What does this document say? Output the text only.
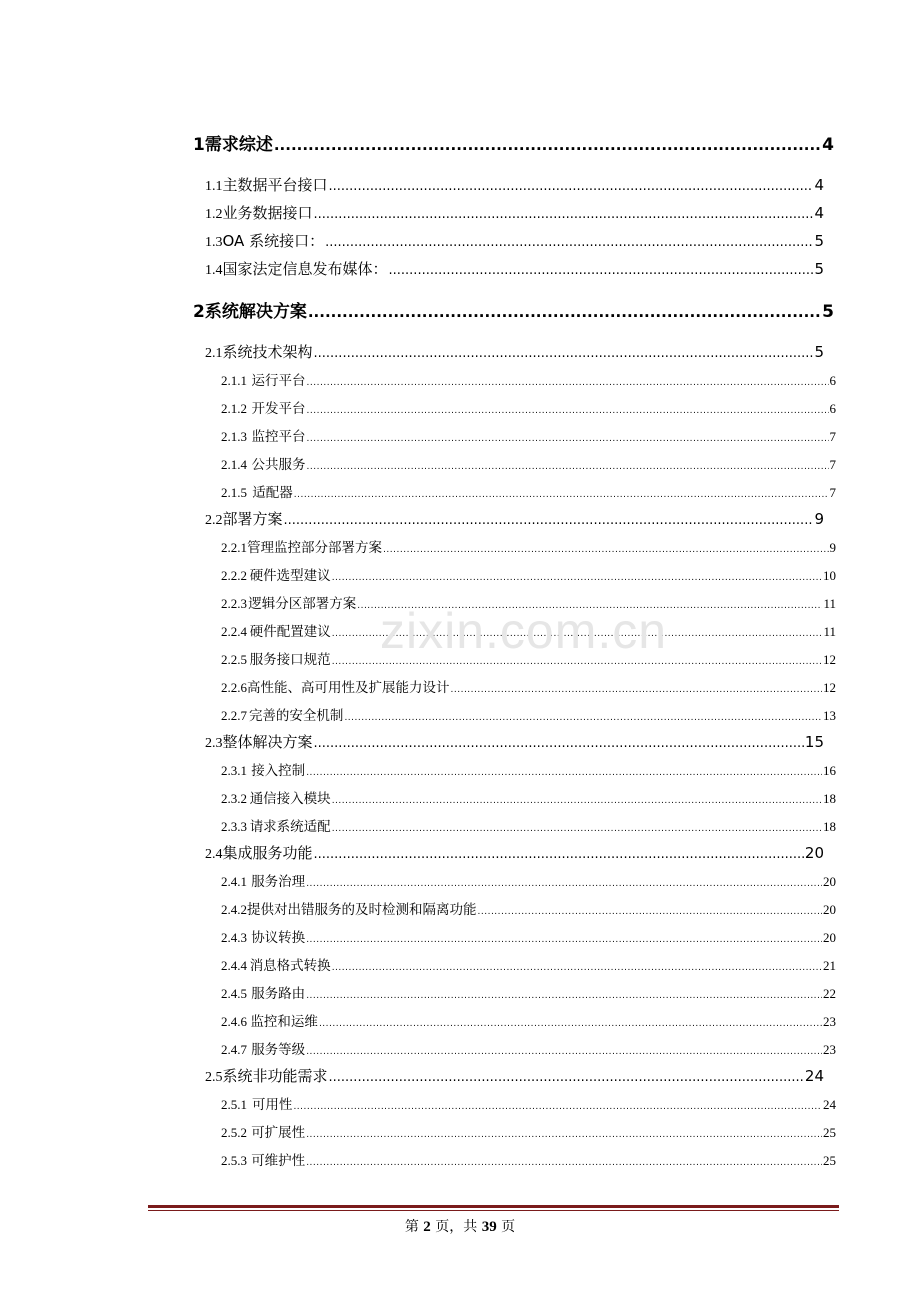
1 需求综述 .....	4
1.1 主数据平台接口 .....	4
1.2 业务数据接口 .....	4
1.3 OA 系统接口： .....	5
1.4 国家法定信息发布媒体： .....	5
2 系统解决方案 .....	5
2.1 系统技术架构 .....	5
2.1.1 运行平台 .....	6
2.1.2 开发平台 .....	6
2.1.3 监控平台 .....	7
2.1.4 公共服务 .....	7
2.1.5 适配器 .....	7
2.2 部署方案 .....	9
2.2.1 管理监控部分部署方案 .....	9
2.2.2 硬件选型建议 .....	10
2.2.3 逻辑分区部署方案 .....	11
2.2.4 硬件配置建议 .....	11
2.2.5 服务接口规范 .....	12
2.2.6 高性能、高可用性及扩展能力设计 .....	12
2.2.7 完善的安全机制 .....	13
2.3 整体解决方案 .....	15
2.3.1 接入控制 .....	16
2.3.2 通信接入模块 .....	18
2.3.3 请求系统适配 .....	18
2.4 集成服务功能 .....	20
2.4.1 服务治理 .....	20
2.4.2 提供对出错服务的及时检测和隔离功能 .....	20
2.4.3 协议转换 .....	20
2.4.4 消息格式转换 .....	21
2.4.5 服务路由 .....	22
2.4.6 监控和运维 .....	23
2.4.7 服务等级 .....	23
2.5 系统非功能需求 .....	24
2.5.1 可用性 .....	24
2.5.2 可扩展性 .....	25
2.5.3 可维护性 .....	25
zixin.com.cn
第 2 页，共 39 页
